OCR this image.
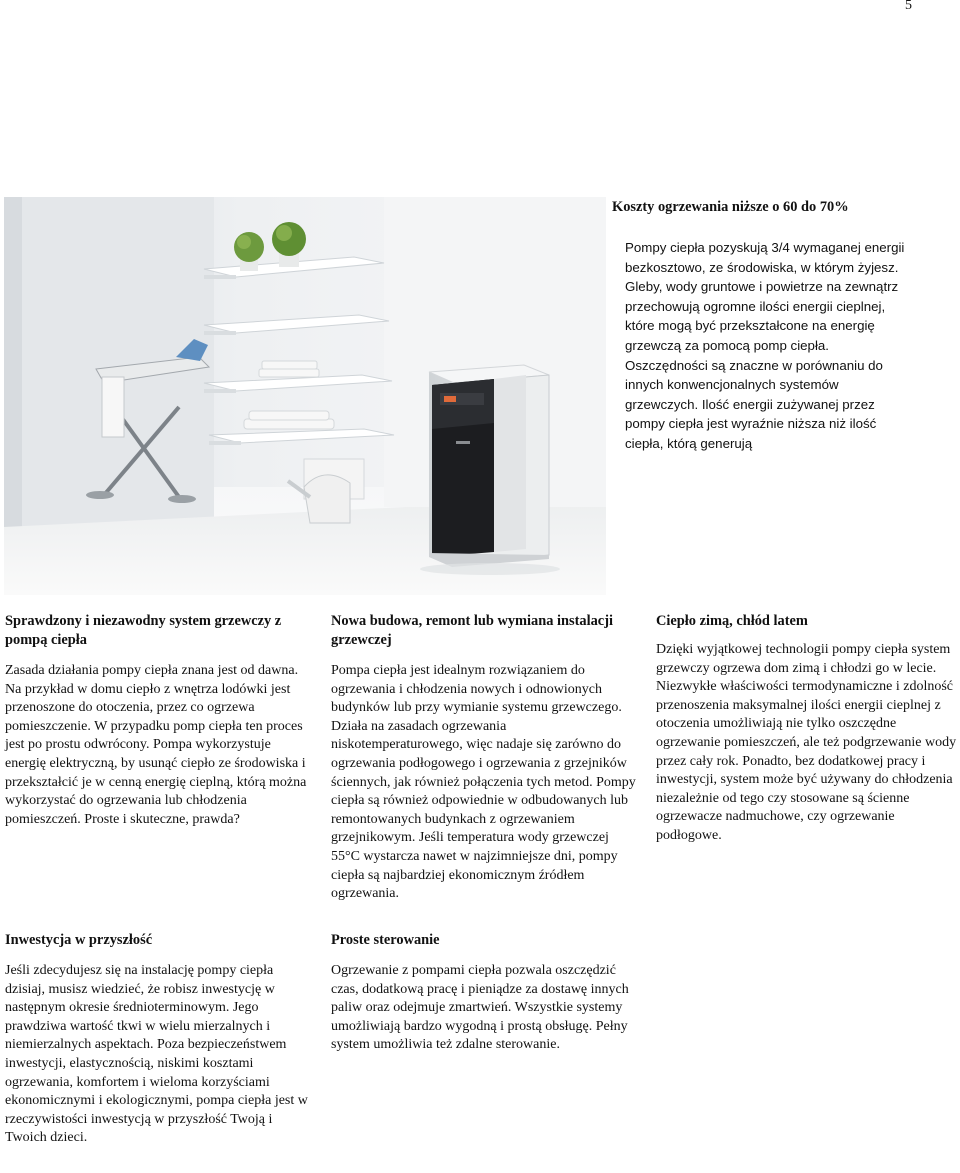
5

Koszty ogrzewania niższe o 60 do 70%

Pompy ciepła pozyskują 3/4 wymaganej energii bezkosztowo, ze środowiska, w którym żyjesz. Gleby, wody gruntowe i powietrze na zewnątrz przechowują ogromne ilości energii cieplnej, które mogą być przekształcone na energię grzewczą za pomocą pomp ciepła. Oszczędności są znaczne w porównaniu do innych konwencjonalnych systemów grzewczych. Ilość energii zużywanej przez pompy ciepła jest wyraźnie niższa niż ilość ciepła, którą generują

Sprawdzony i niezawodny system grzewczy z pompą ciepła

Zasada działania pompy ciepła znana jest od dawna. Na przykład w domu ciepło z wnętrza lodówki jest przenoszone do otoczenia, przez co ogrzewa pomieszczenie. W przypadku pomp ciepła ten proces jest po prostu odwrócony. Pompa wykorzystuje energię elektryczną, by usunąć ciepło ze środowiska i przekształcić je w cenną energię cieplną, którą można wykorzystać do ogrzewania lub chłodzenia pomieszczeń. Proste i skuteczne, prawda?

Nowa budowa, remont lub wymiana instalacji grzewczej

Pompa ciepła jest idealnym rozwiązaniem do ogrzewania i chłodzenia nowych i odnowionych budynków lub przy wymianie systemu grzewczego. Działa na zasadach ogrzewania niskotemperaturowego, więc nadaje się zarówno do ogrzewania podłogowego i ogrzewania z grzejników ściennych, jak również połączenia tych metod. Pompy ciepła są również odpowiednie w odbudowanych lub remontowanych budynkach z ogrzewaniem grzejnikowym. Jeśli temperatura wody grzewczej 55°C wystarcza nawet w najzimniejsze dni, pompy ciepła są najbardziej ekonomicznym źródłem ogrzewania.

Ciepło zimą, chłód latem

Dzięki wyjątkowej technologii pompy ciepła system grzewczy ogrzewa dom zimą i chłodzi go w lecie. Niezwykłe właściwości termodynamiczne i zdolność przenoszenia maksymalnej ilości energii cieplnej z otoczenia umożliwiają nie tylko oszczędne ogrzewanie pomieszczeń, ale też podgrzewanie wody przez cały rok. Ponadto, bez dodatkowej pracy i inwestycji, system może być używany do chłodzenia niezależnie od tego czy stosowane są ścienne ogrzewacze nadmuchowe, czy ogrzewanie podłogowe.

Inwestycja w przyszłość

Jeśli zdecydujesz się na instalację pompy ciepła dzisiaj, musisz wiedzieć, że robisz inwestycję w następnym okresie średnioterminowym. Jego prawdziwa wartość tkwi w wielu mierzalnych i niemierzalnych aspektach. Poza bezpieczeństwem inwestycji, elastycznością, niskimi kosztami ogrzewania, komfortem i wieloma korzyściami ekonomicznymi i ekologicznymi, pompa ciepła jest w rzeczywistości inwestycją w przyszłość Twoją i Twoich dzieci.

Proste sterowanie

Ogrzewanie z pompami ciepła pozwala oszczędzić czas, dodatkową pracę i pieniądze za dostawę innych paliw oraz odejmuje zmartwień. Wszystkie systemy umożliwiają bardzo wygodną i prostą obsługę. Pełny system umożliwia też zdalne sterowanie.
